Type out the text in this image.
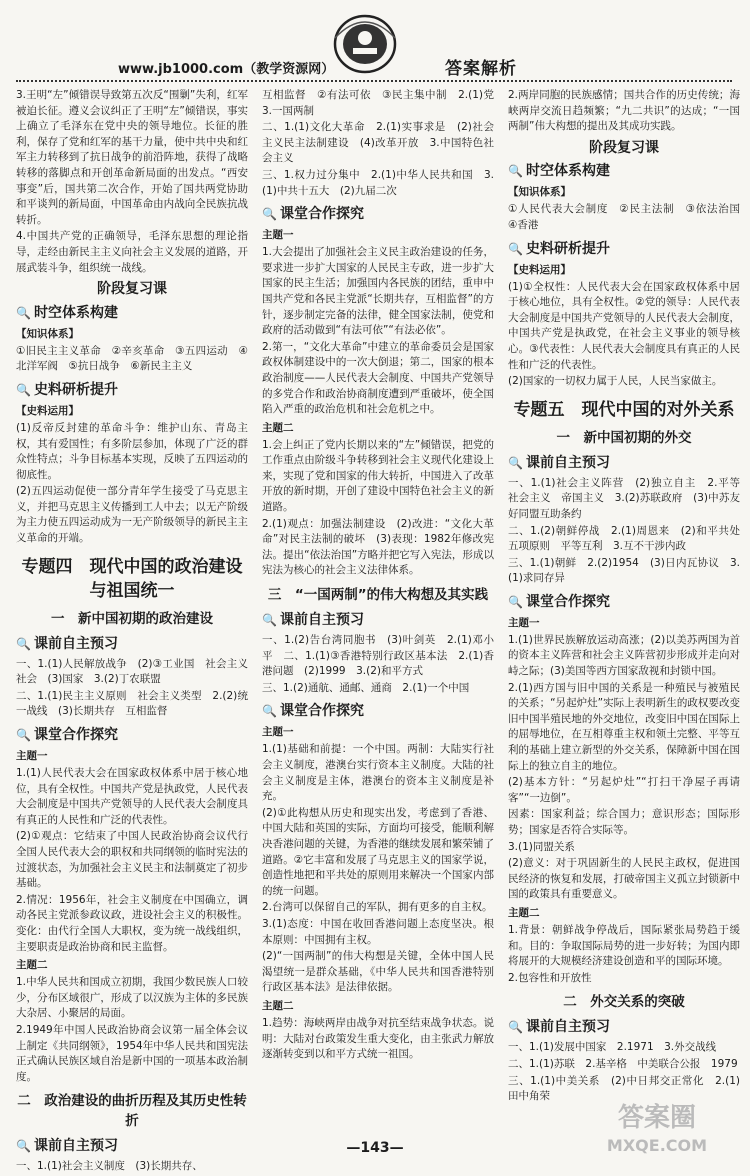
www.jb1000.com（教学资源网）	答案解析

3.王明“左”倾错误导致第五次反“围剿”失利，红军被迫长征。遵义会议纠正了王明“左”倾错误，事实上确立了毛泽东在党中央的领导地位。长征的胜利，保存了党和红军的基干力量，使中共中央和红军主力转移到了抗日战争的前沿阵地，获得了战略转移的落脚点和开创革命新局面的出发点。“西安事变”后，国共第二次合作，开始了国共两党协助和平谈判的新局面，中国革命由内战向全民族抗战转折。

4.中国共产党的正确领导，毛泽东思想的理论指导，走经由新民主主义向社会主义发展的道路，开展武装斗争，组织统一战线。

阶段复习课
🔍 时空体系构建
【知识体系】

①旧民主主义革命　②辛亥革命　③五四运动　④北洋军阀　⑤抗日战争　⑥新民主主义

🔍 史料研析提升
【史料运用】

(1)反帝反封建的革命斗争：维护山东、青岛主权，其有爱国性；有多阶层参加，体现了广泛的群众性特点；斗争目标基本实现，反映了五四运动的彻底性。

(2)五四运动促使一部分青年学生接受了马克思主义，并把马克思主义传播到工人中去；以无产阶级为主力使五四运动成为一无产阶级领导的新民主主义革命的开端。

专题四　现代中国的政治建设与祖国统一
一　新中国初期的政治建设
🔍 课前自主预习

一、1.(1)人民解放战争　(2)③工业国　社会主义社会　(3)国家　3.(2)丁农联盟

二、1.(1)民主主义原则　社会主义类型　2.(2)统一战线　(3)长期共存　互相监督

🔍 课堂合作探究
主题一

1.(1)人民代表大会在国家政权体系中居于核心地位，具有全权性。中国共产党是执政党，人民代表大会制度是中国共产党领导的人民代表大会制度具有真正的人民性和广泛的代表性。

(2)①观点：它结束了中国人民政治协商会议代行全国人民代表大会的职权和共同纲领的临时宪法的过渡状态，为加强社会主义民主和法制奠定了初步基础。

2.情况：1956年，社会主义制度在中国确立，调动各民主党派参政议政，进设社会主义的积极性。变化：由代行全国人大职权，变为统一战线组织，主要职责是政治协商和民主监督。

主题二

1.中华人民共和国成立初期，我国少数民族人口较少，分布区域很广，形成了以汉族为主体的多民族大杂居、小聚居的局面。

2.1949年中国人民政治协商会议第一届全体会议上制定《共同纲领》，1954年中华人民共和国宪法正式确认民族区域自治是新中国的一项基本政治制度。

二　政治建设的曲折历程及其历史性转折
🔍 课前自主预习

一、1.(1)社会主义制度　(3)长期共存、

互相监督　②有法可依　③民主集中制　2.(1)党　3.一国两制

二、1.(1)文化大革命　2.(1)实事求是　(2)社会主义民主法制建设　(4)改革开放　3.中国特色社会主义

三、1.权力过分集中　2.(1)中华人民共和国　3.(1)中共十五大　(2)九届二次

🔍 课堂合作探究
主题一

1.大会提出了加强社会主义民主政治建设的任务，要求进一步扩大国家的人民民主专政，进一步扩大国家的民主生活；加强国内各民族的团结，重申中国共产党和各民主党派“长期共存，互相监督”的方针，逐步制定完备的法律，健全国家法制，使党和政府的活动做到“有法可依”“有法必依”。

2.第一，“文化大革命”中建立的革命委员会是国家政权体制建设中的一次大倒退；第二，国家的根本政治制度——人民代表大会制度、中国共产党领导的多党合作和政治协商制度遭到严重破坏，使全国陷入严重的政治危机和社会危机之中。

主题二

1.会上纠正了党内长期以来的“左”倾错误，把党的工作重点由阶级斗争转移到社会主义现代化建设上来，实现了党和国家的伟大转折，中国进入了改革开放的新时期，开创了建设中国特色社会主义的新道路。

2.(1)观点：加强法制建设　(2)改进：“文化大革命”对民主法制的破坏　(3)表现：1982年修改宪法。提出“依法治国”方略并把它写入宪法，形成以宪法为核心的社会主义法律体系。

三　“一国两制”的伟大构想及其实践
🔍 课前自主预习

一、1.(2)告台湾同胞书　(3)叶剑英　2.(1)邓小平　二、1.(1)③香港特别行政区基本法　2.(1)香港问题　(2)1999　3.(2)和平方式

三、1.(2)通航、通邮、通商　2.(1)一个中国

🔍 课堂合作探究
主题一

1.(1)基础和前提：一个中国。两制：大陆实行社会主义制度，港澳台实行资本主义制度。大陆的社会主义制度是主体，港澳台的资本主义制度是补充。

(2)①此构想从历史和现实出发，考虑到了香港、中国大陆和英国的实际，方面均可接受，能顺利解决香港问题的关键，为香港的继续发展和繁荣铺了道路。②它丰富和发展了马克思主义的国家学说，创造性地把和平共处的原则用来解决一个国家内部的统一问题。

2.台湾可以保留自己的军队，拥有更多的自主权。

3.(1)态度：中国在收回香港问题上态度坚决。根本原则：中国拥有主权。

(2)“一国两制”的伟大构想是关键，全体中国人民渴望统一是群众基础，《中华人民共和国香港特别行政区基本法》是法律依据。

主题二

1.趋势：海峡两岸由战争对抗至结束战争状态。说明：大陆对台政策发生重大变化，由主张武力解放逐渐转变到以和平方式统一祖国。

2.两岸同胞的民族感情；国共合作的历史传统；海峡两岸交流日趋频繁；“九二共识”的达成；“一国两制”伟大构想的提出及其成功实践。

阶段复习课
🔍 时空体系构建
【知识体系】

①人民代表大会制度　②民主法制　③依法治国　④香港

🔍 史料研析提升
【史料运用】

(1)①全权性：人民代表大会在国家政权体系中居于核心地位，具有全权性。②党的领导：人民代表大会制度是中国共产党领导的人民代表大会制度，中国共产党是执政党，在社会主义事业的领导核心。③代表性：人民代表大会制度具有真正的人民性和广泛的代表性。

(2)国家的一切权力属于人民，人民当家做主。

专题五　现代中国的对外关系
一　新中国初期的外交
🔍 课前自主预习

一、1.(1)社会主义阵营　(2)独立自主　2.平等　社会主义　帝国主义　3.(2)苏联政府　(3)中苏友好同盟互助条约

二、1.(2)朝鲜停战　2.(1)周恩来　(2)和平共处五项原则　平等互利　3.互不干涉内政

三、1.(1)朝鲜　2.(2)1954　(3)日内瓦协议　3.(1)求同存异

🔍 课堂合作探究
主题一

1.(1)世界民族解放运动高涨；(2)以美苏两国为首的资本主义阵营和社会主义阵营初步形成并走向对峙之际；(3)美国等西方国家敌视和封锁中国。

2.(1)西方国与旧中国的关系是一种殖民与被殖民的关系；“另起炉灶”实际上表明新生的政权要改变旧中国半殖民地的外交地位，改变旧中国在国际上的屈辱地位，在互相尊重主权和领土完整、平等互利的基础上建立新型的外交关系，保障新中国在国际上的独立自主的地位。

(2)基本方针：“另起炉灶”“打扫干净屋子再请客”“一边倒”。

因素：国家利益；综合国力；意识形态；国际形势；国家是否符合实际等。

3.(1)同盟关系

(2)意义：对于巩固新生的人民民主政权，促进国民经济的恢复和发展，打破帝国主义孤立封锁新中国的政策具有重要意义。

主题二

1.背景：朝鲜战争停战后，国际紧张局势趋于缓和。目的：争取国际局势的进一步好转；为国内即将展开的大规模经济建设创造和平的国际环境。

2.包容性和开放性

二　外交关系的突破
🔍 课前自主预习

一、1.(1)发展中国家　2.1971　3.外交战线

二、1.(1)苏联　2.基辛格　中美联合公报　1979

三、1.(1)中美关系　(2)中日邦交正常化　2.(1)田中角荣

—143—
答案圈
MXQE.COM
